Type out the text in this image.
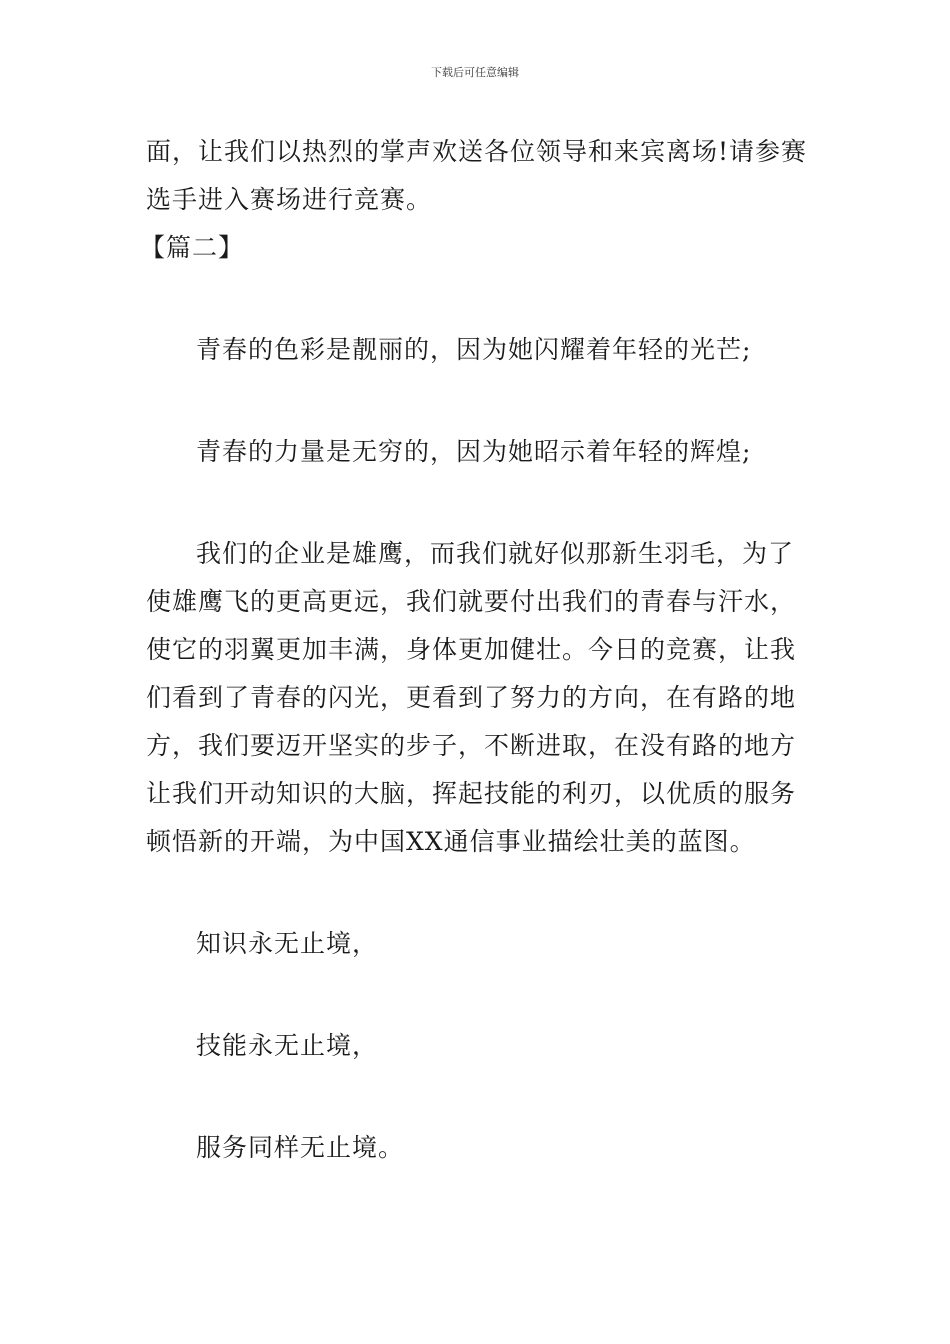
下载后可任意编辑

面，让我们以热烈的掌声欢送各位领导和来宾离场!请参赛

选手进入赛场进行竞赛。

【篇二】

青春的色彩是靓丽的，因为她闪耀着年轻的光芒;

青春的力量是无穷的，因为她昭示着年轻的辉煌;

我们的企业是雄鹰，而我们就好似那新生羽毛，为了

使雄鹰飞的更高更远，我们就要付出我们的青春与汗水，

使它的羽翼更加丰满，身体更加健壮。今日的竞赛，让我

们看到了青春的闪光，更看到了努力的方向，在有路的地

方，我们要迈开坚实的步子，不断进取，在没有路的地方

让我们开动知识的大脑，挥起技能的利刃，以优质的服务

顿悟新的开端，为中国XX通信事业描绘壮美的蓝图。

知识永无止境，

技能永无止境，

服务同样无止境。
